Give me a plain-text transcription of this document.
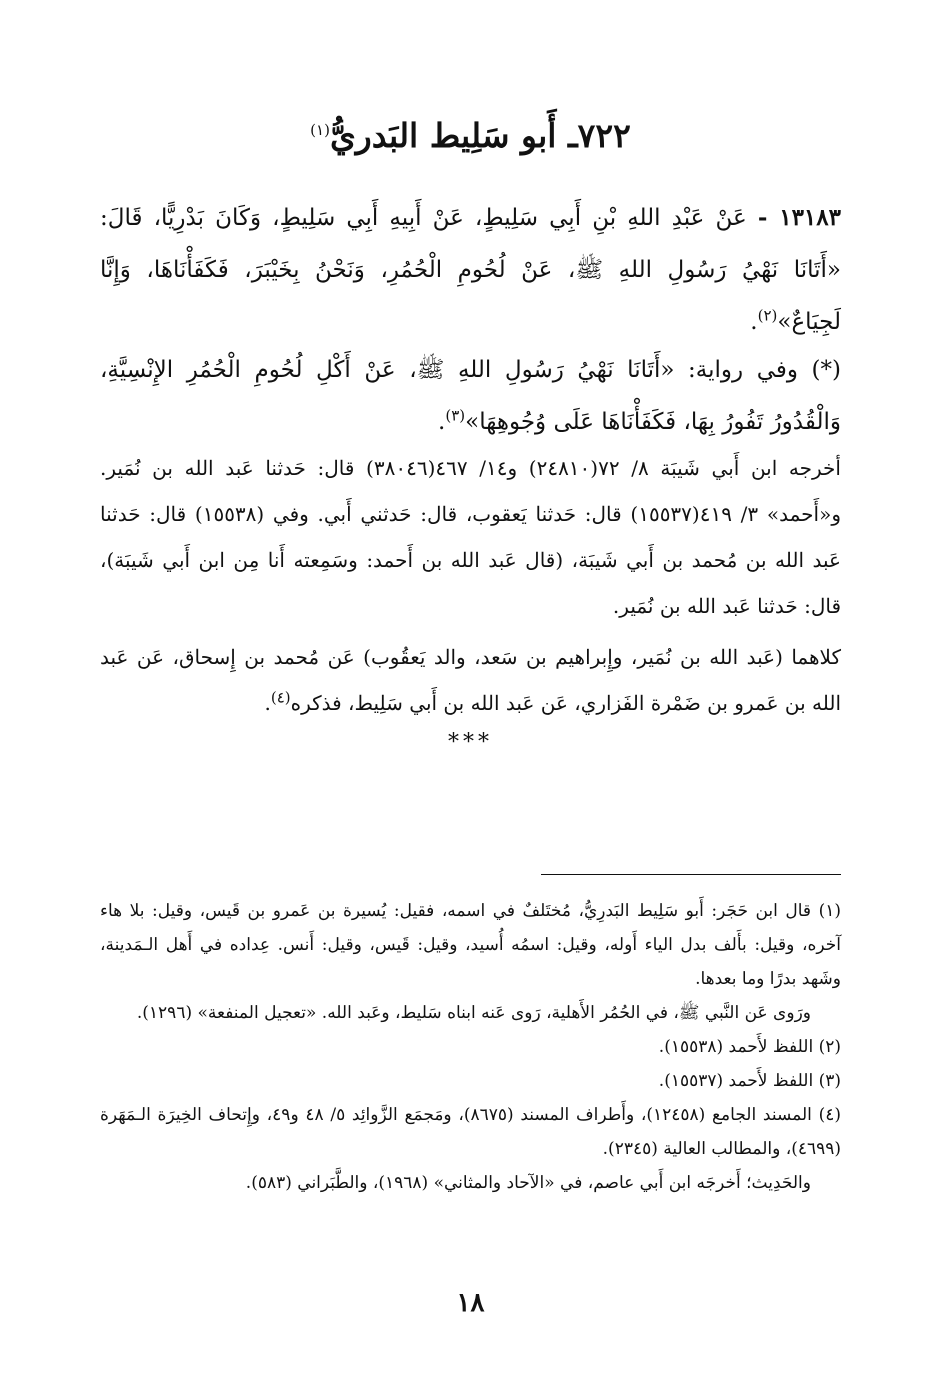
٧٢٢ـ أَبو سَلِيط البَدريُّ$^{(١)}$

١٣١٨٣ - عَنْ عَبْدِ اللهِ بْنِ أَبِي سَلِيطٍ، عَنْ أَبِيهِ أَبِي سَلِيطٍ، وَكَانَ بَدْرِيًّا، قَالَ: «أَتَانَا نَهْيُ رَسُولِ اللهِ ﷺ، عَنْ لُحُومِ الْحُمُرِ، وَنَحْنُ بِخَيْبَرَ، فَكَفَأْنَاهَا، وَإِنَّا لَجِيَاعٌ»$^{(٢)}$.

(*) وفي رواية: «أَتَانَا نَهْيُ رَسُولِ اللهِ ﷺ، عَنْ أَكْلِ لُحُومِ الْحُمُرِ الإِنْسِيَّةِ، وَالْقُدُورُ تَفُورُ بِهَا، فَكَفَأْنَاهَا عَلَى وُجُوهِهَا»$^{(٣)}$.

أخرجه ابن أَبي شَيبَة ٨/ ٧٢(٢٤٨١٠) و١٤/ ٤٦٧(٣٨٠٤٦) قال: حَدثنا عَبد الله بن نُمَير. و«أَحمد» ٣/ ٤١٩(١٥٥٣٧) قال: حَدثنا يَعقوب، قال: حَدثني أَبي. وفي (١٥٥٣٨) قال: حَدثنا عَبد الله بن مُحمد بن أَبي شَيبَة، (قال عَبد الله بن أَحمد: وسَمِعته أَنا مِن ابن أَبي شَيبَة)، قال: حَدثنا عَبد الله بن نُمَير.

كلاهما (عَبد الله بن نُمَير، وإِبراهيم بن سَعد، والد يَعقُوب) عَن مُحمد بن إِسحاق، عَن عَبد الله بن عَمرو بن ضَمْرة الفَزاري، عَن عَبد الله بن أَبي سَلِيط، فذكره$^{(٤)}$.

***

(١) قال ابن حَجَر: أَبو سَلِيط البَدرِيُّ، مُختَلفٌ في اسمه، فقيل: يُسيرة بن عَمرو بن قَيس، وقيل: بلا هاء آخره، وقيل: بأَلف بدل الياء أَوله، وقيل: اسمُه أُسيد، وقيل: قَيس، وقيل: أَنس. عِداده في أَهل الـمَدينة، وشَهد بدرًا وما بعدها.

ورَوى عَن النَّبي ﷺ، في الحُمُر الأَهلية، رَوى عَنه ابناه سَليط، وعَبد الله. «تعجيل المنفعة» (١٢٩٦).

(٢) اللفظ لأَحمد (١٥٥٣٨).

(٣) اللفظ لأَحمد (١٥٥٣٧).

(٤) المسند الجامع (١٢٤٥٨)، وأَطراف المسند (٨٦٧٥)، ومَجمَع الزَّوائِد ٥/ ٤٨ و٤٩، وإِتحاف الخِيرَة الـمَهَرة (٤٦٩٩)، والمطالب العالية (٢٣٤٥).

والحَدِيث؛ أَخرجَه ابن أَبي عاصم، في «الآحاد والمثاني» (١٩٦٨)، والطَّبَراني (٥٨٣).

١٨
